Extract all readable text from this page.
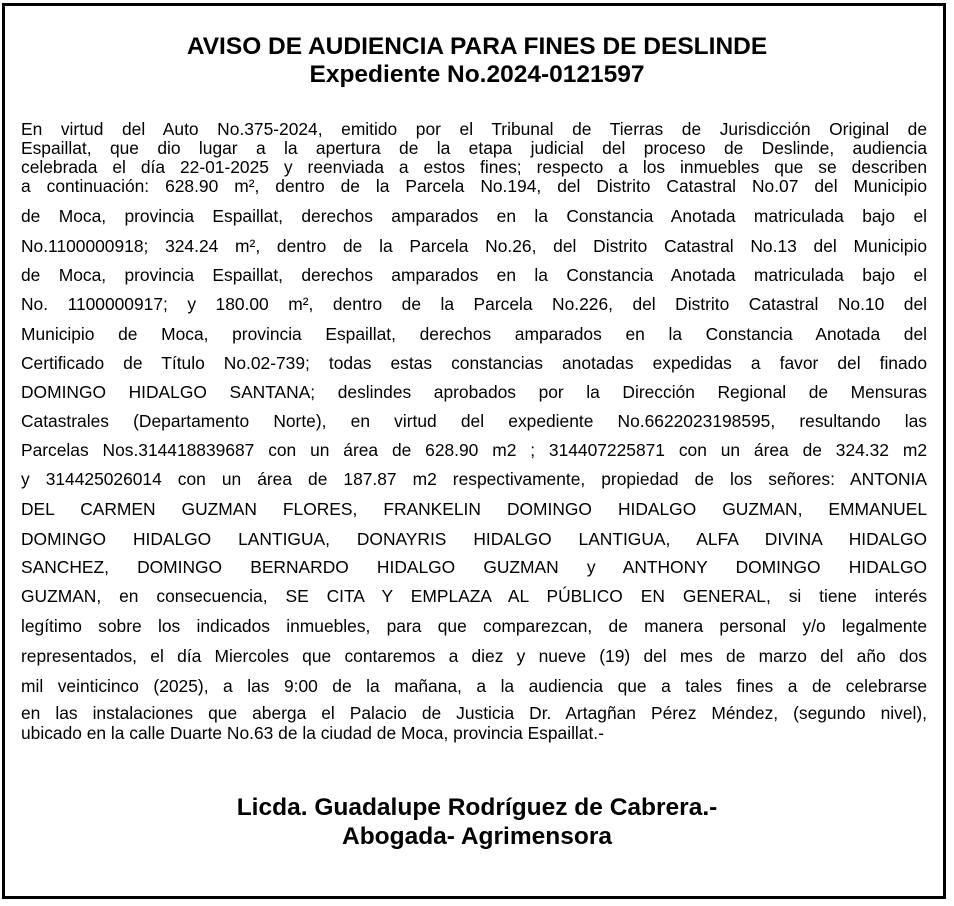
AVISO DE AUDIENCIA PARA FINES DE DESLINDE
Expediente No.2024-0121597
En virtud del Auto No.375-2024, emitido por el Tribunal de Tierras de Jurisdicción Original de
Espaillat, que dio lugar a la apertura de la etapa judicial del proceso de Deslinde, audiencia
celebrada el día 22-01-2025 y reenviada a estos fines; respecto a los inmuebles que se describen
a continuación: 628.90 m², dentro de la Parcela No.194, del Distrito Catastral No.07 del Municipio
de Moca, provincia Espaillat, derechos amparados en la Constancia Anotada matriculada bajo el
No.1100000918; 324.24 m², dentro de la Parcela No.26, del Distrito Catastral No.13 del Municipio
de Moca, provincia Espaillat, derechos amparados en la Constancia Anotada matriculada bajo el
No. 1100000917; y 180.00 m², dentro de la Parcela No.226, del Distrito Catastral No.10 del
Municipio de Moca, provincia Espaillat, derechos amparados en la Constancia Anotada del
Certificado de Título No.02-739; todas estas constancias anotadas expedidas a favor del finado
DOMINGO HIDALGO SANTANA; deslindes aprobados por la Dirección Regional de Mensuras
Catastrales (Departamento Norte), en virtud del expediente No.6622023198595, resultando las
Parcelas Nos.314418839687 con un área de 628.90 m2 ; 314407225871 con un área de 324.32 m2
y 314425026014 con un área de 187.87 m2 respectivamente, propiedad de los señores: ANTONIA
DEL CARMEN GUZMAN FLORES, FRANKELIN DOMINGO HIDALGO GUZMAN, EMMANUEL
DOMINGO HIDALGO LANTIGUA, DONAYRIS HIDALGO LANTIGUA, ALFA DIVINA HIDALGO
SANCHEZ, DOMINGO BERNARDO HIDALGO GUZMAN y ANTHONY DOMINGO HIDALGO
GUZMAN, en consecuencia, SE CITA Y EMPLAZA AL PÚBLICO EN GENERAL, si tiene interés
legítimo sobre los indicados inmuebles, para que comparezcan, de manera personal y/o legalmente
representados, el día Miercoles que contaremos a diez y nueve (19) del mes de marzo del año dos
mil veinticinco (2025), a las 9:00 de la mañana, a la audiencia que a tales fines a de celebrarse
en las instalaciones que aberga el Palacio de Justicia Dr. Artagñan Pérez Méndez, (segundo nivel),
ubicado en la calle Duarte No.63 de la ciudad de Moca, provincia Espaillat.-
Licda. Guadalupe Rodríguez de Cabrera.-
Abogada- Agrimensora
